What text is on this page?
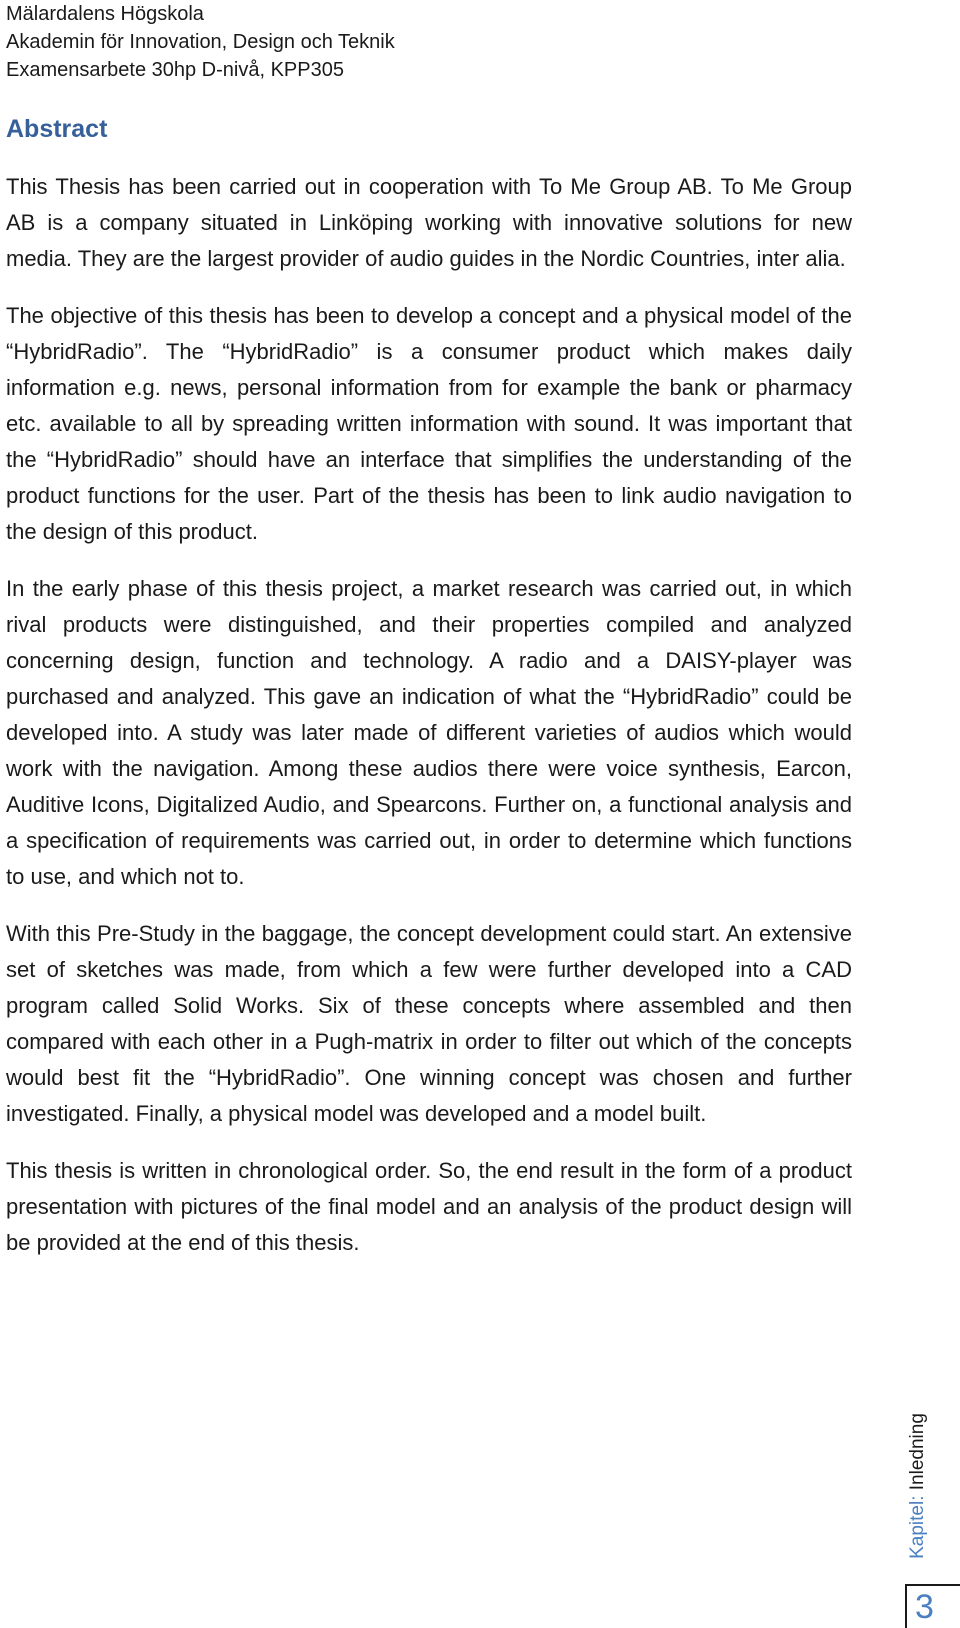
Mälardalens Högskola
Akademin för Innovation, Design och Teknik
Examensarbete 30hp D-nivå, KPP305
Abstract

This Thesis has been carried out in cooperation with To Me Group AB. To Me Group AB is a company situated in Linköping working with innovative solutions for new media. They are the largest provider of audio guides in the Nordic Countries, inter alia.

The objective of this thesis has been to develop a concept and a physical model of the “HybridRadio”. The “HybridRadio” is a consumer product which makes daily information e.g. news, personal information from for example the bank or pharmacy etc. available to all by spreading written information with sound. It was important that the “HybridRadio” should have an interface that simplifies the understanding of the product functions for the user. Part of the thesis has been to link audio navigation to the design of this product.

In the early phase of this thesis project, a market research was carried out, in which rival products were distinguished, and their properties compiled and analyzed concerning design, function and technology. A radio and a DAISY-player was purchased and analyzed. This gave an indication of what the “HybridRadio” could be developed into. A study was later made of different varieties of audios which would work with the navigation. Among these audios there were voice synthesis, Earcon, Auditive Icons, Digitalized Audio, and Spearcons. Further on, a functional analysis and a specification of requirements was carried out, in order to determine which functions to use, and which not to.

With this Pre-Study in the baggage, the concept development could start. An extensive set of sketches was made, from which a few were further developed into a CAD program called Solid Works. Six of these concepts where assembled and then compared with each other in a Pugh-matrix in order to filter out which of the concepts would best fit the “HybridRadio”. One winning concept was chosen and further investigated. Finally, a physical model was developed and a model built.

This thesis is written in chronological order. So, the end result in the form of a product presentation with pictures of the final model and an analysis of the product design will be provided at the end of this thesis.

Kapitel: Inledning
3
